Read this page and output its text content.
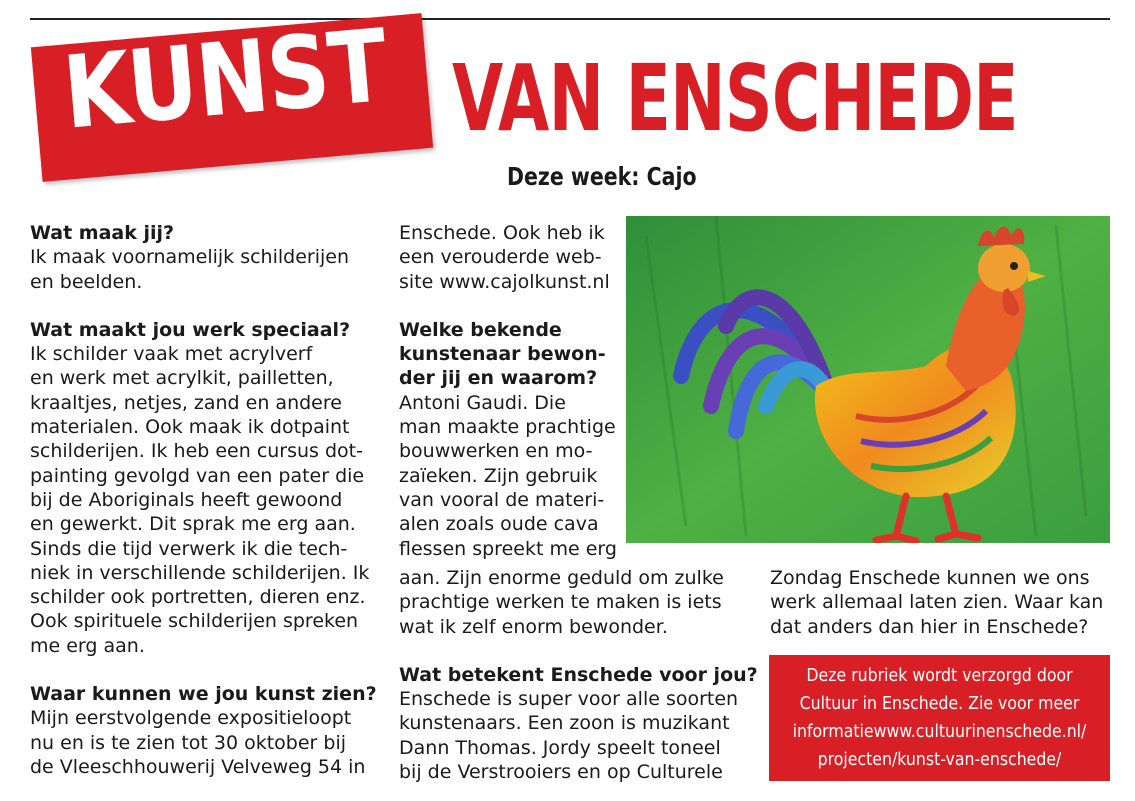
KUNST VAN ENSCHEDE
Deze week: Cajo
Wat maak jij?

Ik maak voornamelijk schilderijen

en beelden.

Wat maakt jou werk speciaal?

Ik schilder vaak met acrylverf

en werk met acrylkit, pailletten,

kraaltjes, netjes, zand en andere

materialen. Ook maak ik dotpaint

schilderijen. Ik heb een cursus dot-

painting gevolgd van een pater die

bij de Aboriginals heeft gewoond

en gewerkt. Dit sprak me erg aan.

Sinds die tijd verwerk ik die tech-

niek in verschillende schilderijen. Ik

schilder ook portretten, dieren enz.

Ook spirituele schilderijen spreken

me erg aan.

Waar kunnen we jou kunst zien?

Mijn eerstvolgende expositieloopt

nu en is te zien tot 30 oktober bij

de Vleeschhouwerij Velveweg 54 in

Enschede. Ook heb ik

een verouderde web-

site www.cajolkunst.nl

Welke bekende
kunstenaar bewon-
der jij en waarom?

Antoni Gaudi. Die

man maakte prachtige

bouwwerken en mo-

zaïeken. Zijn gebruik

van vooral de materi-

alen zoals oude cava

flessen spreekt me erg

aan. Zijn enorme geduld om zulke

prachtige werken te maken is iets

wat ik zelf enorm bewonder.

Wat betekent Enschede voor jou?

Enschede is super voor alle soorten

kunstenaars. Een zoon is muzikant

Dann Thomas. Jordy speelt toneel

bij de Verstrooiers en op Culturele

Zondag Enschede kunnen we ons

werk allemaal laten zien. Waar kan

dat anders dan hier in Enschede?

Deze rubriek wordt verzorgd door

Cultuur in Enschede. Zie voor meer

informatiewww.cultuurinenschede.nl/

projecten/kunst-van-enschede/
